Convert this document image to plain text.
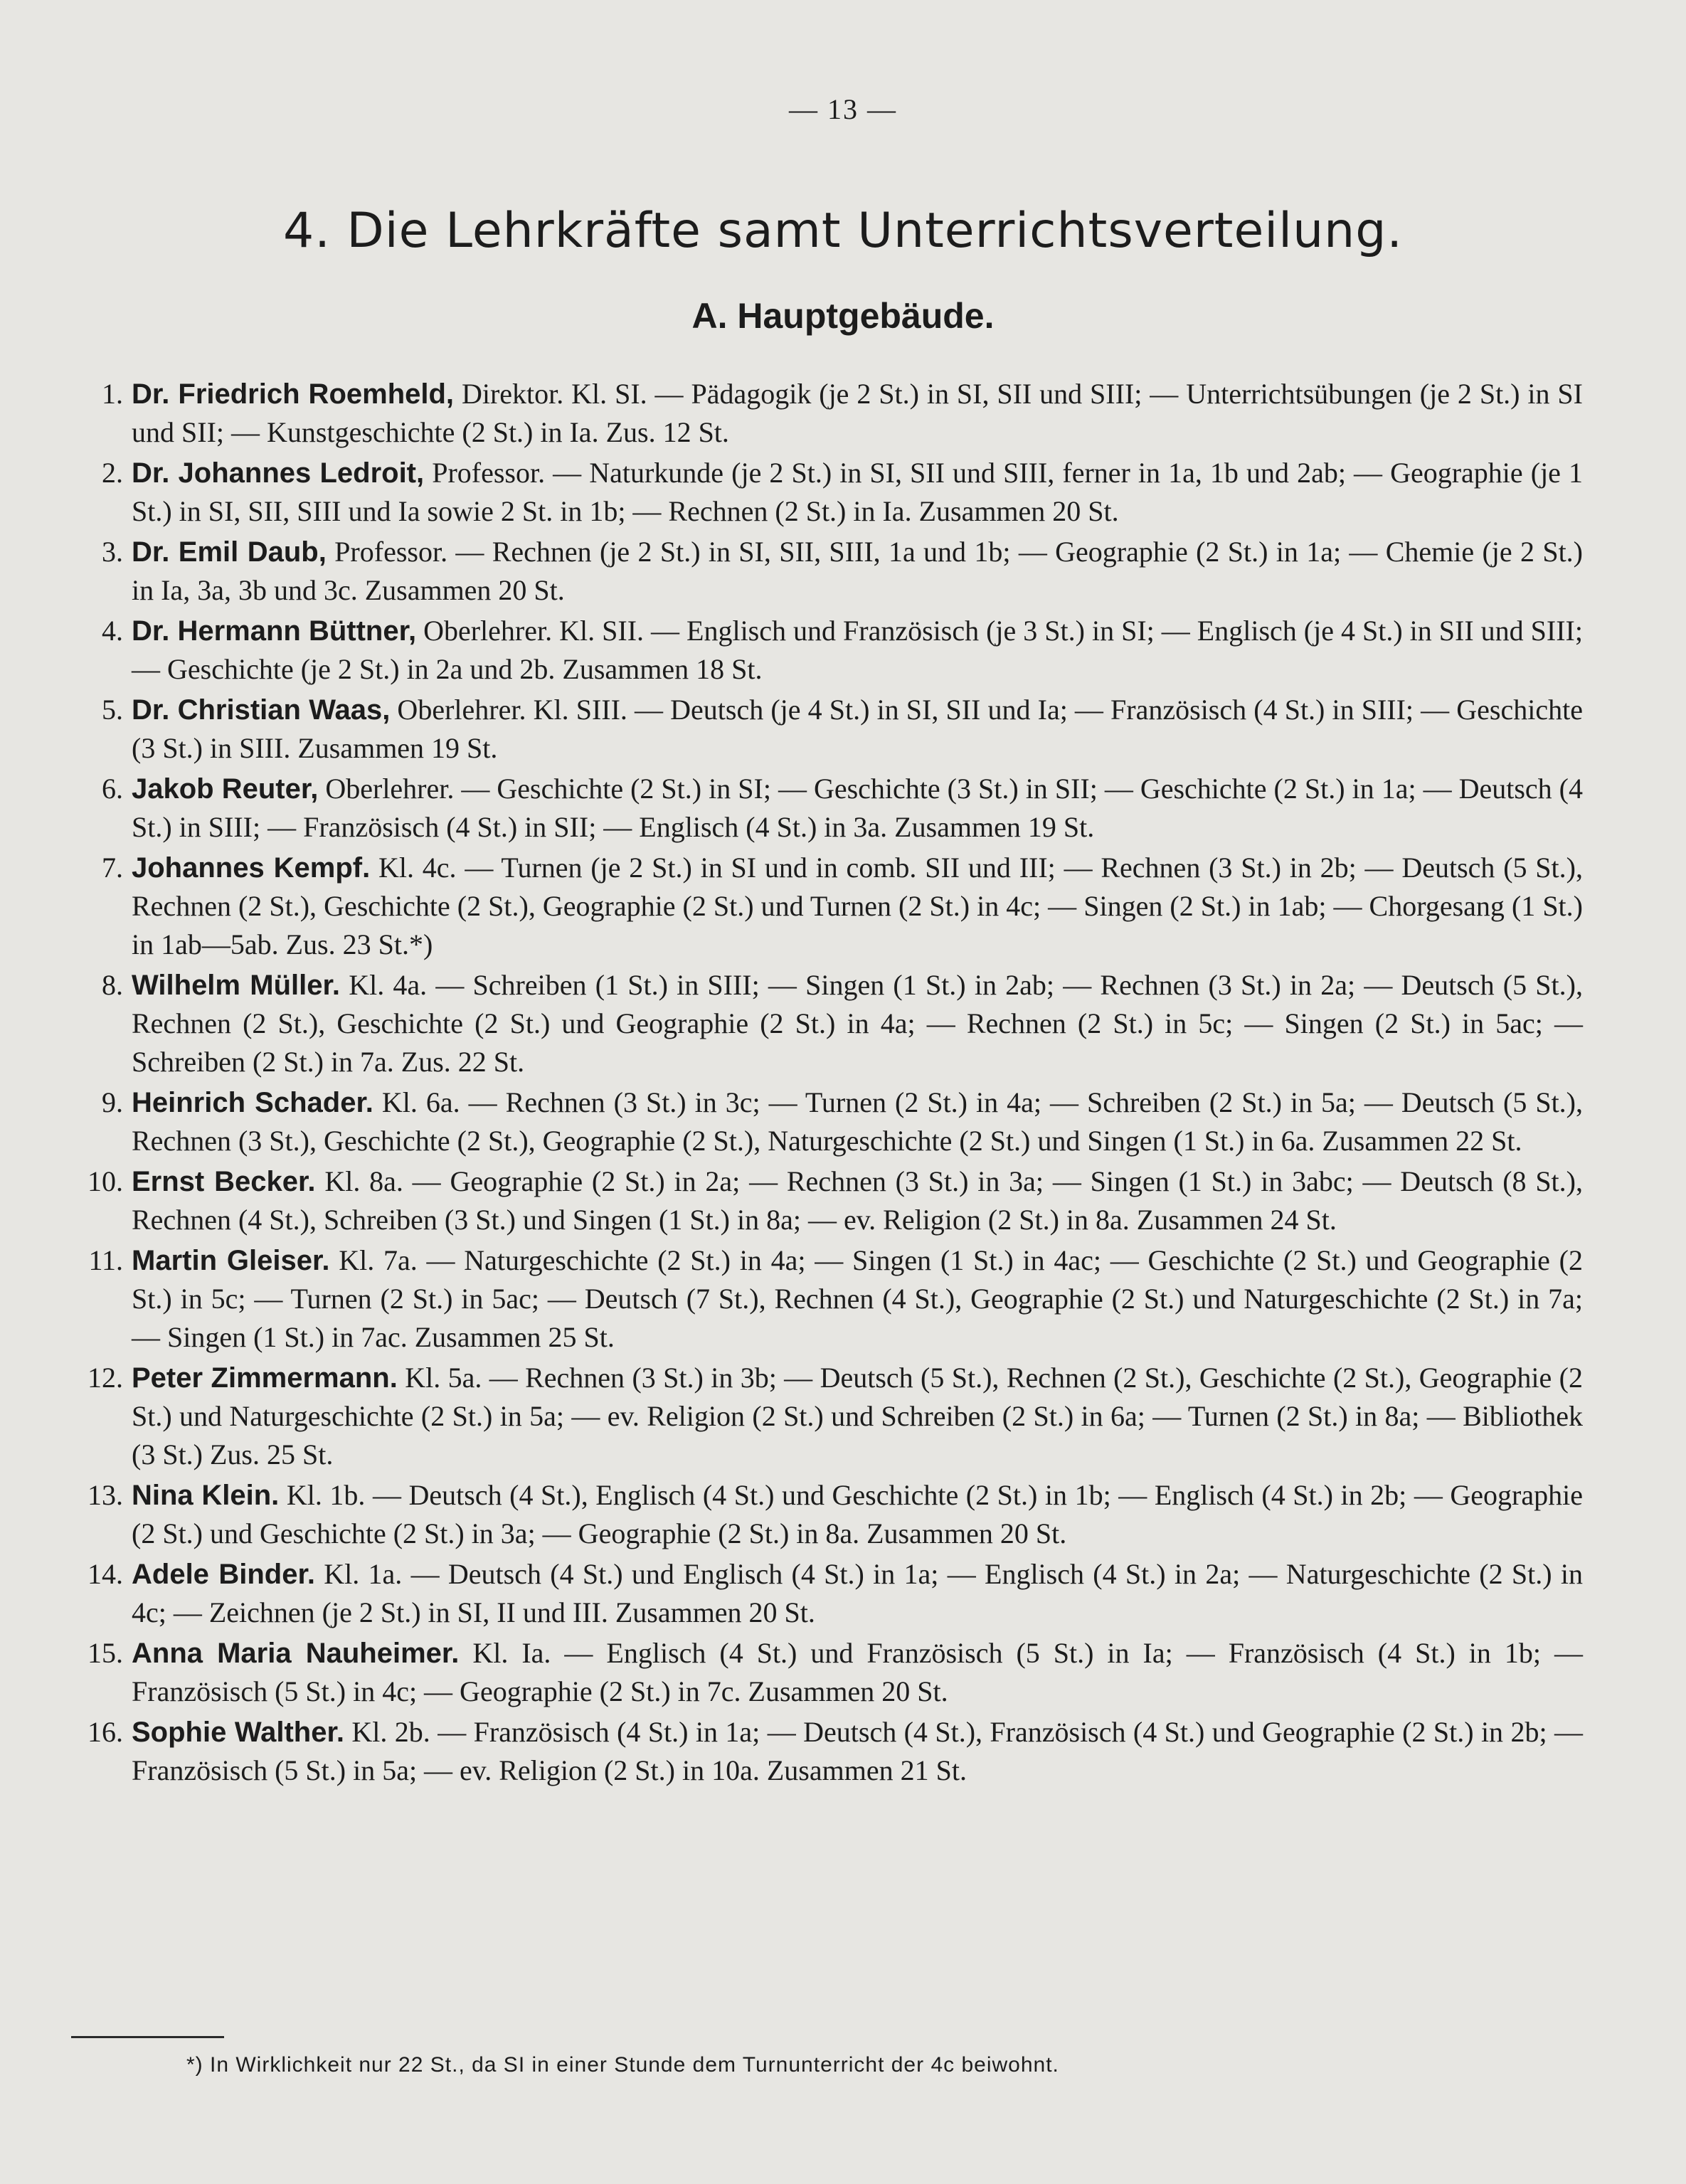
— 13 —
4. Die Lehrkräfte samt Unterrichtsverteilung.
A. Hauptgebäude.
1. Dr. Friedrich Roemheld, Direktor. Kl. SI. — Pädagogik (je 2 St.) in SI, SII und SIII; — Unterrichtsübungen (je 2 St.) in SI und SII; — Kunstgeschichte (2 St.) in Ia. Zus. 12 St.
2. Dr. Johannes Ledroit, Professor. — Naturkunde (je 2 St.) in SI, SII und SIII, ferner in 1a, 1b und 2ab; — Geographie (je 1 St.) in SI, SII, SIII und Ia sowie 2 St. in 1b; — Rechnen (2 St.) in Ia. Zusammen 20 St.
3. Dr. Emil Daub, Professor. — Rechnen (je 2 St.) in SI, SII, SIII, 1a und 1b; — Geographie (2 St.) in 1a; — Chemie (je 2 St.) in Ia, 3a, 3b und 3c. Zusammen 20 St.
4. Dr. Hermann Büttner, Oberlehrer. Kl. SII. — Englisch und Französisch (je 3 St.) in SI; — Englisch (je 4 St.) in SII und SIII; — Geschichte (je 2 St.) in 2a und 2b. Zusammen 18 St.
5. Dr. Christian Waas, Oberlehrer. Kl. SIII. — Deutsch (je 4 St.) in SI, SII und Ia; — Französisch (4 St.) in SIII; — Geschichte (3 St.) in SIII. Zusammen 19 St.
6. Jakob Reuter, Oberlehrer. — Geschichte (2 St.) in SI; — Geschichte (3 St.) in SII; — Geschichte (2 St.) in 1a; — Deutsch (4 St.) in SIII; — Französisch (4 St.) in SII; — Englisch (4 St.) in 3a. Zusammen 19 St.
7. Johannes Kempf. Kl. 4c. — Turnen (je 2 St.) in SI und in comb. SII und III; — Rechnen (3 St.) in 2b; — Deutsch (5 St.), Rechnen (2 St.), Geschichte (2 St.), Geographie (2 St.) und Turnen (2 St.) in 4c; — Singen (2 St.) in 1ab; — Chorgesang (1 St.) in 1ab—5ab. Zus. 23 St.*)
8. Wilhelm Müller. Kl. 4a. — Schreiben (1 St.) in SIII; — Singen (1 St.) in 2ab; — Rechnen (3 St.) in 2a; — Deutsch (5 St.), Rechnen (2 St.), Geschichte (2 St.) und Geographie (2 St.) in 4a; — Rechnen (2 St.) in 5c; — Singen (2 St.) in 5ac; — Schreiben (2 St.) in 7a. Zus. 22 St.
9. Heinrich Schader. Kl. 6a. — Rechnen (3 St.) in 3c; — Turnen (2 St.) in 4a; — Schreiben (2 St.) in 5a; — Deutsch (5 St.), Rechnen (3 St.), Geschichte (2 St.), Geographie (2 St.), Naturgeschichte (2 St.) und Singen (1 St.) in 6a. Zusammen 22 St.
10. Ernst Becker. Kl. 8a. — Geographie (2 St.) in 2a; — Rechnen (3 St.) in 3a; — Singen (1 St.) in 3abc; — Deutsch (8 St.), Rechnen (4 St.), Schreiben (3 St.) und Singen (1 St.) in 8a; — ev. Religion (2 St.) in 8a. Zusammen 24 St.
11. Martin Gleiser. Kl. 7a. — Naturgeschichte (2 St.) in 4a; — Singen (1 St.) in 4ac; — Geschichte (2 St.) und Geographie (2 St.) in 5c; — Turnen (2 St.) in 5ac; — Deutsch (7 St.), Rechnen (4 St.), Geographie (2 St.) und Naturgeschichte (2 St.) in 7a; — Singen (1 St.) in 7ac. Zusammen 25 St.
12. Peter Zimmermann. Kl. 5a. — Rechnen (3 St.) in 3b; — Deutsch (5 St.), Rechnen (2 St.), Geschichte (2 St.), Geographie (2 St.) und Naturgeschichte (2 St.) in 5a; — ev. Religion (2 St.) und Schreiben (2 St.) in 6a; — Turnen (2 St.) in 8a; — Bibliothek (3 St.) Zus. 25 St.
13. Nina Klein. Kl. 1b. — Deutsch (4 St.), Englisch (4 St.) und Geschichte (2 St.) in 1b; — Englisch (4 St.) in 2b; — Geographie (2 St.) und Geschichte (2 St.) in 3a; — Geographie (2 St.) in 8a. Zusammen 20 St.
14. Adele Binder. Kl. 1a. — Deutsch (4 St.) und Englisch (4 St.) in 1a; — Englisch (4 St.) in 2a; — Naturgeschichte (2 St.) in 4c; — Zeichnen (je 2 St.) in SI, II und III. Zusammen 20 St.
15. Anna Maria Nauheimer. Kl. Ia. — Englisch (4 St.) und Französisch (5 St.) in Ia; — Französisch (4 St.) in 1b; — Französisch (5 St.) in 4c; — Geographie (2 St.) in 7c. Zusammen 20 St.
16. Sophie Walther. Kl. 2b. — Französisch (4 St.) in 1a; — Deutsch (4 St.), Französisch (4 St.) und Geographie (2 St.) in 2b; — Französisch (5 St.) in 5a; — ev. Religion (2 St.) in 10a. Zusammen 21 St.
*) In Wirklichkeit nur 22 St., da SI in einer Stunde dem Turnunterricht der 4c beiwohnt.
